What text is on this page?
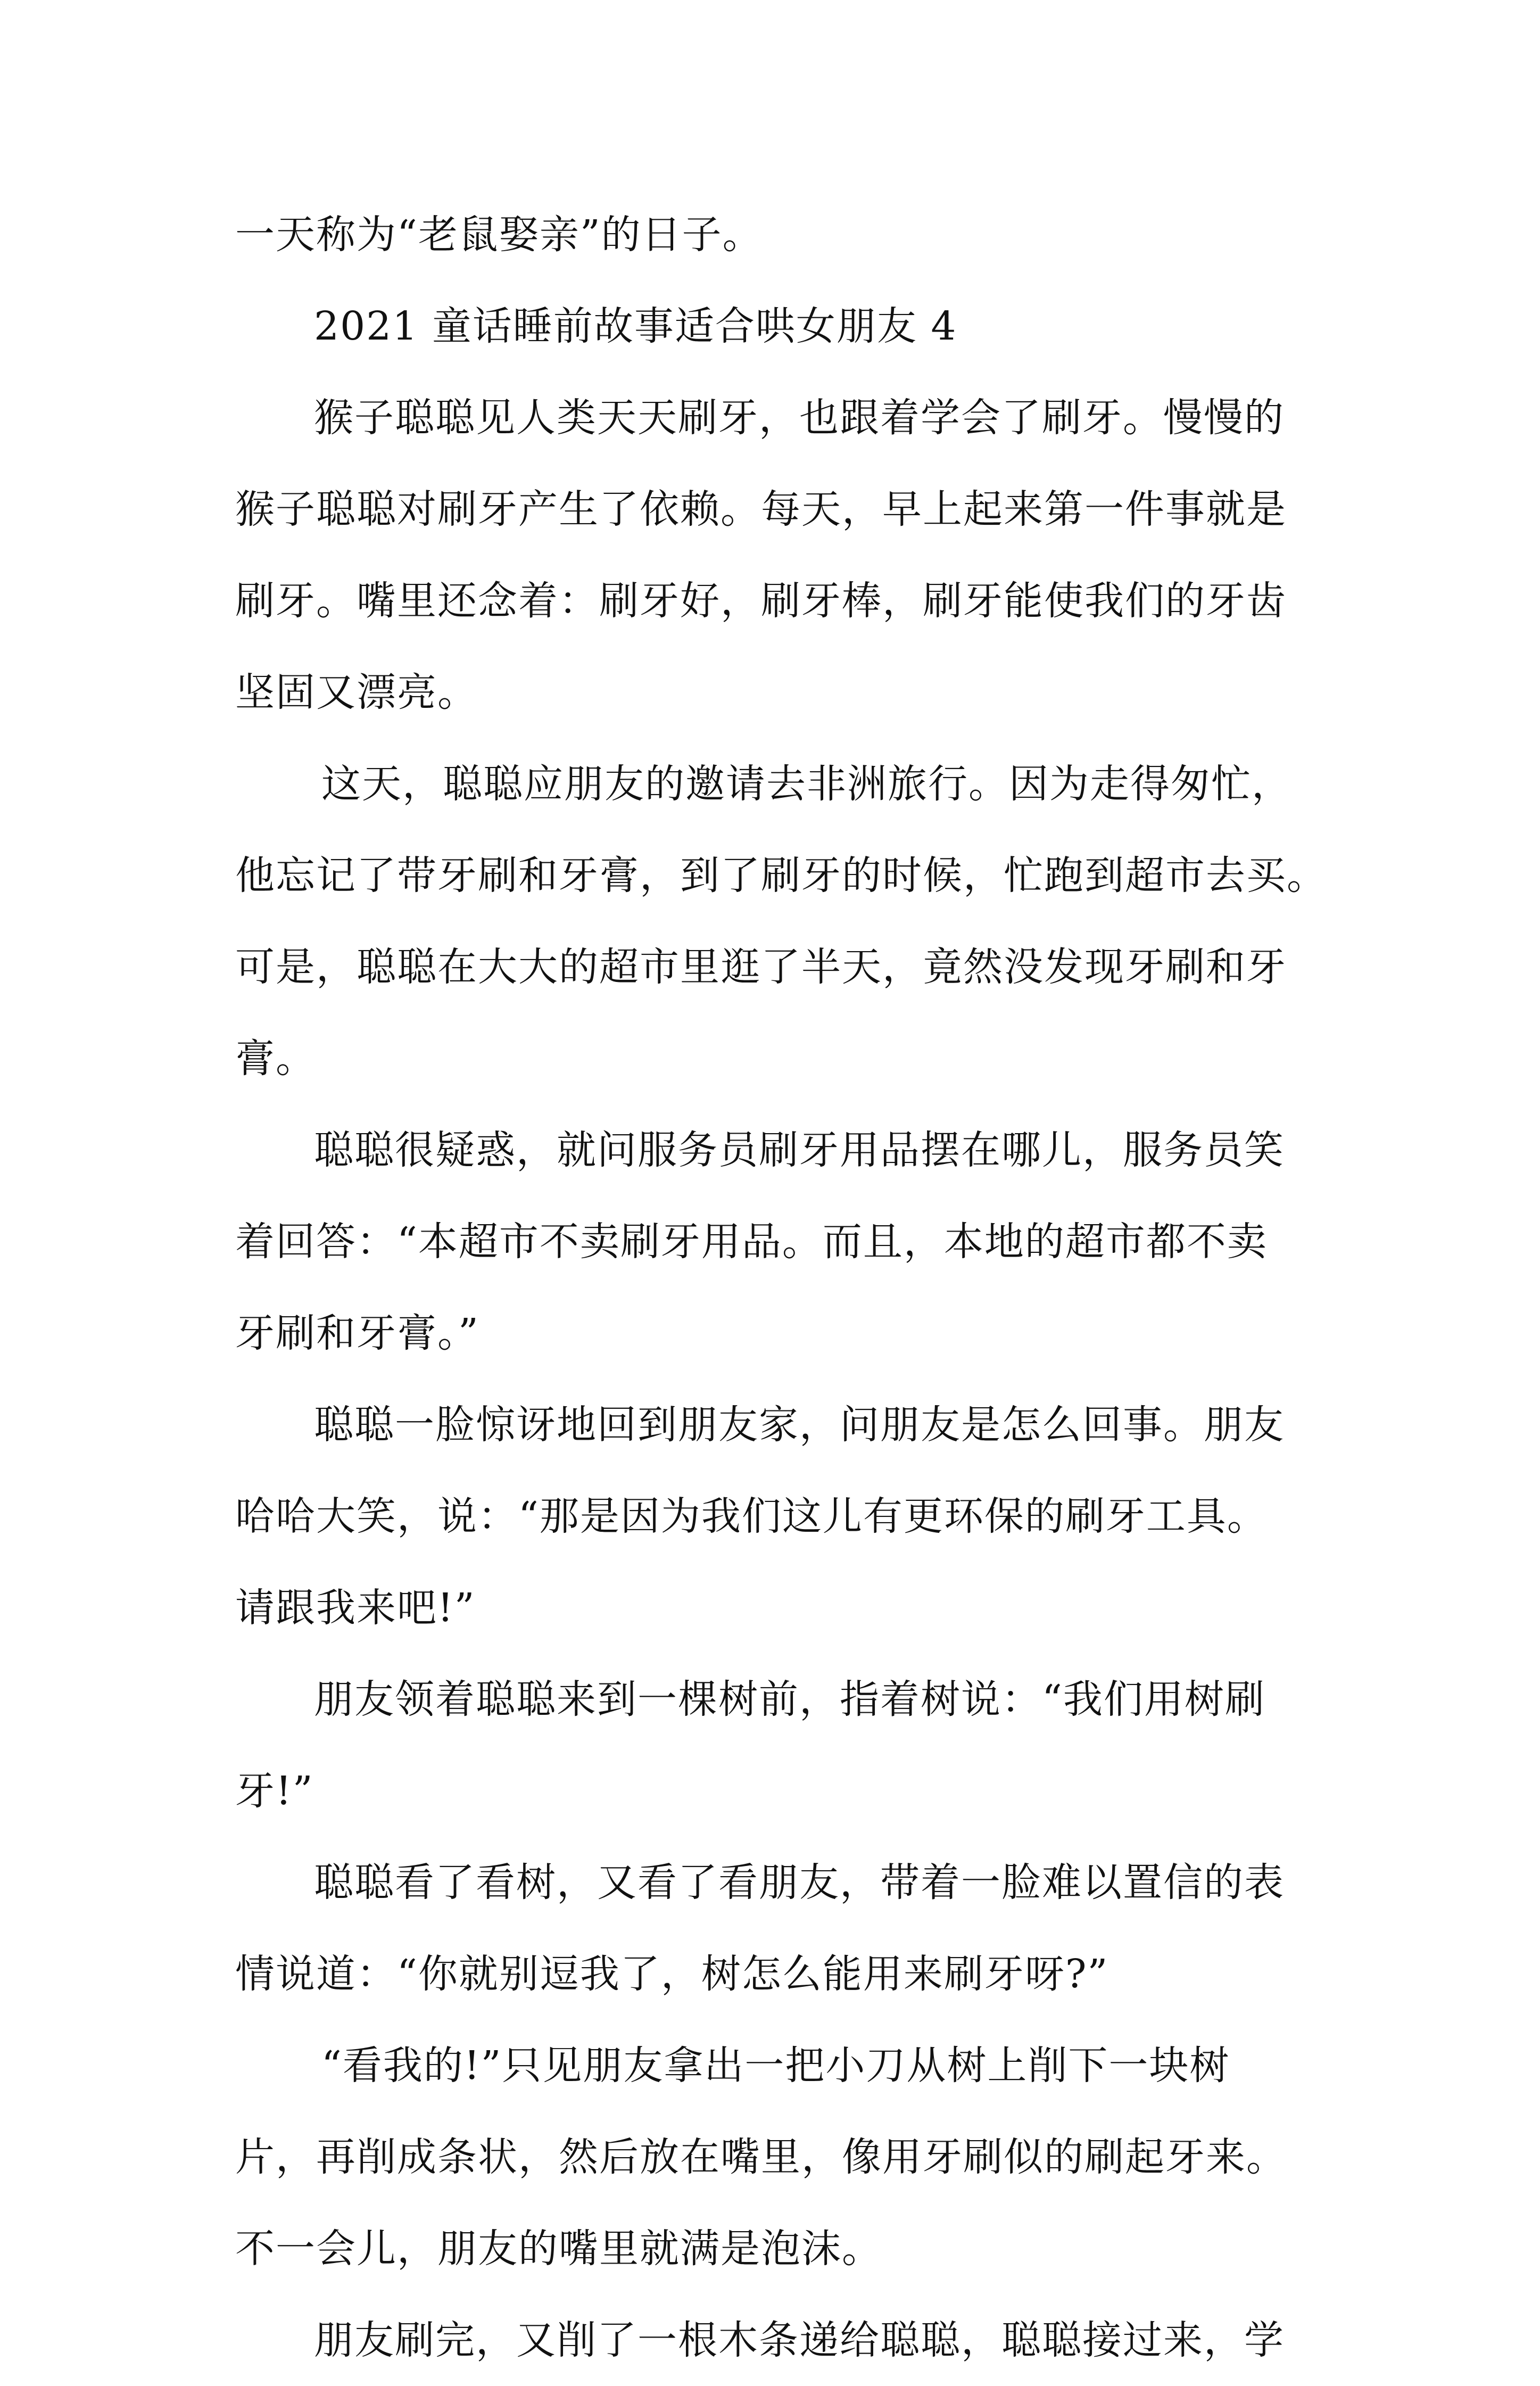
一天称为“老鼠娶亲”的日子。
2021 童话睡前故事适合哄女朋友 4
猴子聪聪见人类天天刷牙，也跟着学会了刷牙。慢慢的
猴子聪聪对刷牙产生了依赖。每天，早上起来第一件事就是
刷牙。嘴里还念着：刷牙好，刷牙棒，刷牙能使我们的牙齿
坚固又漂亮。
这天，聪聪应朋友的邀请去非洲旅行。因为走得匆忙，
他忘记了带牙刷和牙膏，到了刷牙的时候，忙跑到超市去买。
可是，聪聪在大大的超市里逛了半天，竟然没发现牙刷和牙
膏。
聪聪很疑惑，就问服务员刷牙用品摆在哪儿，服务员笑
着回答：“本超市不卖刷牙用品。而且，本地的超市都不卖
牙刷和牙膏。”
聪聪一脸惊讶地回到朋友家，问朋友是怎么回事。朋友
哈哈大笑，说：“那是因为我们这儿有更环保的刷牙工具。
请跟我来吧!”
朋友领着聪聪来到一棵树前，指着树说：“我们用树刷
牙!”
聪聪看了看树，又看了看朋友，带着一脸难以置信的表
情说道：“你就别逗我了，树怎么能用来刷牙呀?”
“看我的!”只见朋友拿出一把小刀从树上削下一块树
片，再削成条状，然后放在嘴里，像用牙刷似的刷起牙来。
不一会儿，朋友的嘴里就满是泡沫。
朋友刷完，又削了一根木条递给聪聪，聪聪接过来，学
